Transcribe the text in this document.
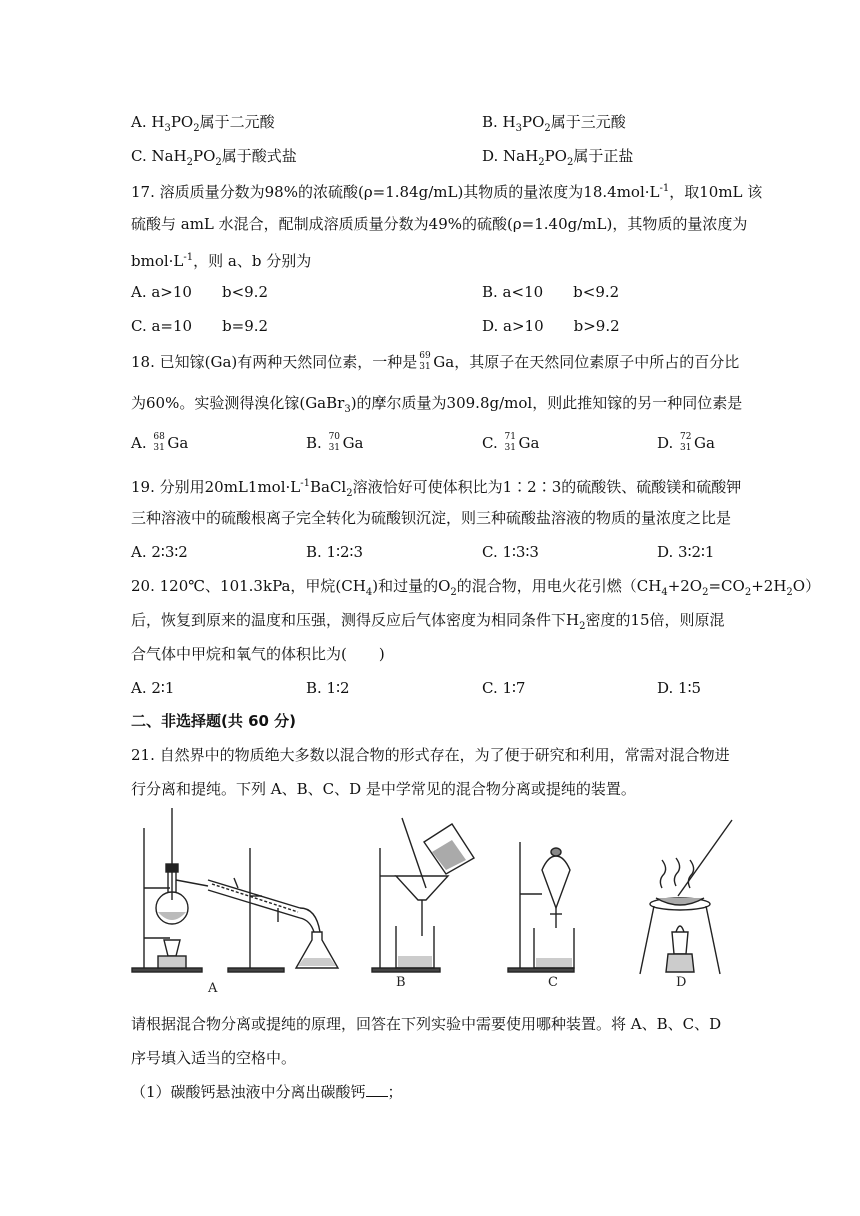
A. $H_3PO_2$属于二元酸	B. $H_3PO_2$属于三元酸
C. $NaH_2PO_2$属于酸式盐	D. $NaH_2PO_2$属于正盐
17. 溶质质量分数为98%的浓硫酸(ρ=1.84g/mL)其物质的量浓度为$18.4mol\cdot L^{-1}$，取10mL 该
硫酸与 amL 水混合，配制成溶质质量分数为49%的硫酸(ρ=1.40g/mL)，其物质的量浓度为
$bmol\cdot L^{-1}$，则 a、b 分别为
A. a>10　　b<9.2	B. a<10　　b<9.2
C. a=10　　b=9.2	D. a>10　　b>9.2
18. 已知镓(Ga)有两种天然同位素，一种是 69
31 Ga，其原子在天然同位素原子中所占的百分比
为60%。实验测得溴化镓(GaBr$_3$)的摩尔质量为309.8g/mol，则此推知镓的另一种同位素是
A. 68
31 Ga	B. 70
31 Ga	C. 71
31 Ga	D. 72
31 Ga
19. 分别用$20mL1mol\cdot L^{-1}BaCl_2$溶液恰好可使体积比为1∶2∶3的硫酸铁、硫酸镁和硫酸钾
三种溶液中的硫酸根离子完全转化为硫酸钡沉淀，则三种硫酸盐溶液的物质的量浓度之比是
A. 2∶3∶2	B. 1∶2∶3	C. 1∶3∶3	D. 3∶2∶1
20. 120℃、101.3kPa，甲烷$(CH_4)$和过量的$O_2$的混合物，用电火花引燃$(CH_4+2O_2=CO_2+2H_2O)$
后，恢复到原来的温度和压强，测得反应后气体密度为相同条件下$H_2$密度的15倍，则原混
合气体中甲烷和氧气的体积比为( )
A. 2∶1	B. 1∶2	C. 1∶7	D. 1∶5
二、非选择题(共 60 分)
21. 自然界中的物质绝大多数以混合物的形式存在，为了便于研究和利用，常需对混合物进
行分离和提纯。下列 A、B、C、D 是中学常见的混合物分离或提纯的装置。
A	B	C	D
请根据混合物分离或提纯的原理，回答在下列实验中需要使用哪种装置。将 A、B、C、D
序号填入适当的空格中。
（1）碳酸钙悬浊液中分离出碳酸钙 ；
